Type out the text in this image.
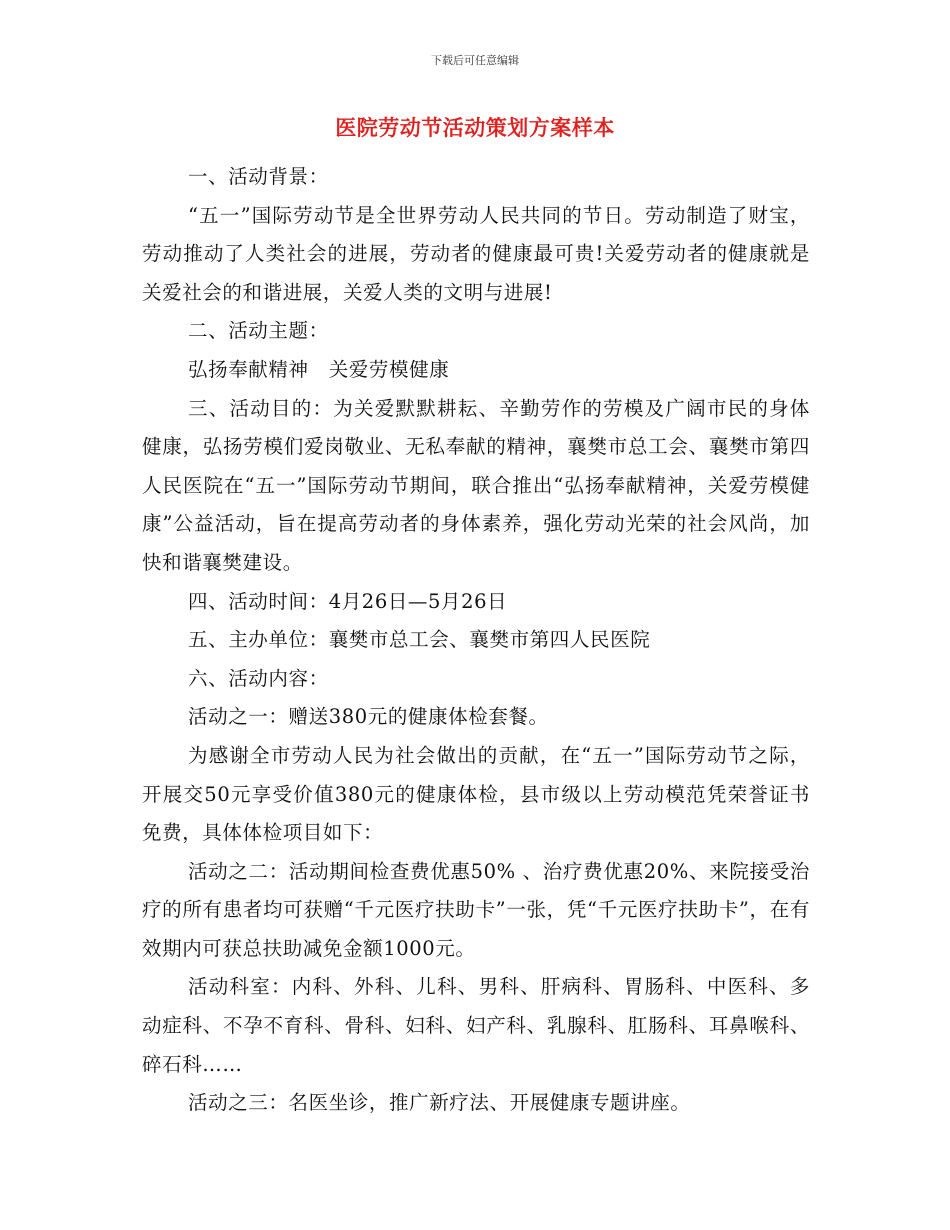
下载后可任意编辑
医院劳动节活动策划方案样本

一、活动背景：

“五一”国际劳动节是全世界劳动人民共同的节日。劳动制造了财宝，劳动推动了人类社会的进展，劳动者的健康最可贵!关爱劳动者的健康就是关爱社会的和谐进展，关爱人类的文明与进展!

二、活动主题：

弘扬奉献精神　关爱劳模健康

三、活动目的：为关爱默默耕耘、辛勤劳作的劳模及广阔市民的身体健康，弘扬劳模们爱岗敬业、无私奉献的精神，襄樊市总工会、襄樊市第四人民医院在“五一”国际劳动节期间，联合推出“弘扬奉献精神，关爱劳模健康”公益活动，旨在提高劳动者的身体素养，强化劳动光荣的社会风尚，加快和谐襄樊建设。

四、活动时间：4月26日—5月26日

五、主办单位：襄樊市总工会、襄樊市第四人民医院

六、活动内容：

活动之一：赠送380元的健康体检套餐。

为感谢全市劳动人民为社会做出的贡献，在“五一”国际劳动节之际，开展交50元享受价值380元的健康体检，县市级以上劳动模范凭荣誉证书免费，具体体检项目如下：

活动之二：活动期间检查费优惠50% 、治疗费优惠20%、来院接受治疗的所有患者均可获赠“千元医疗扶助卡”一张，凭“千元医疗扶助卡”，在有效期内可获总扶助减免金额1000元。

活动科室：内科、外科、儿科、男科、肝病科、胃肠科、中医科、多动症科、不孕不育科、骨科、妇科、妇产科、乳腺科、肛肠科、耳鼻喉科、碎石科……

活动之三：名医坐诊，推广新疗法、开展健康专题讲座。
